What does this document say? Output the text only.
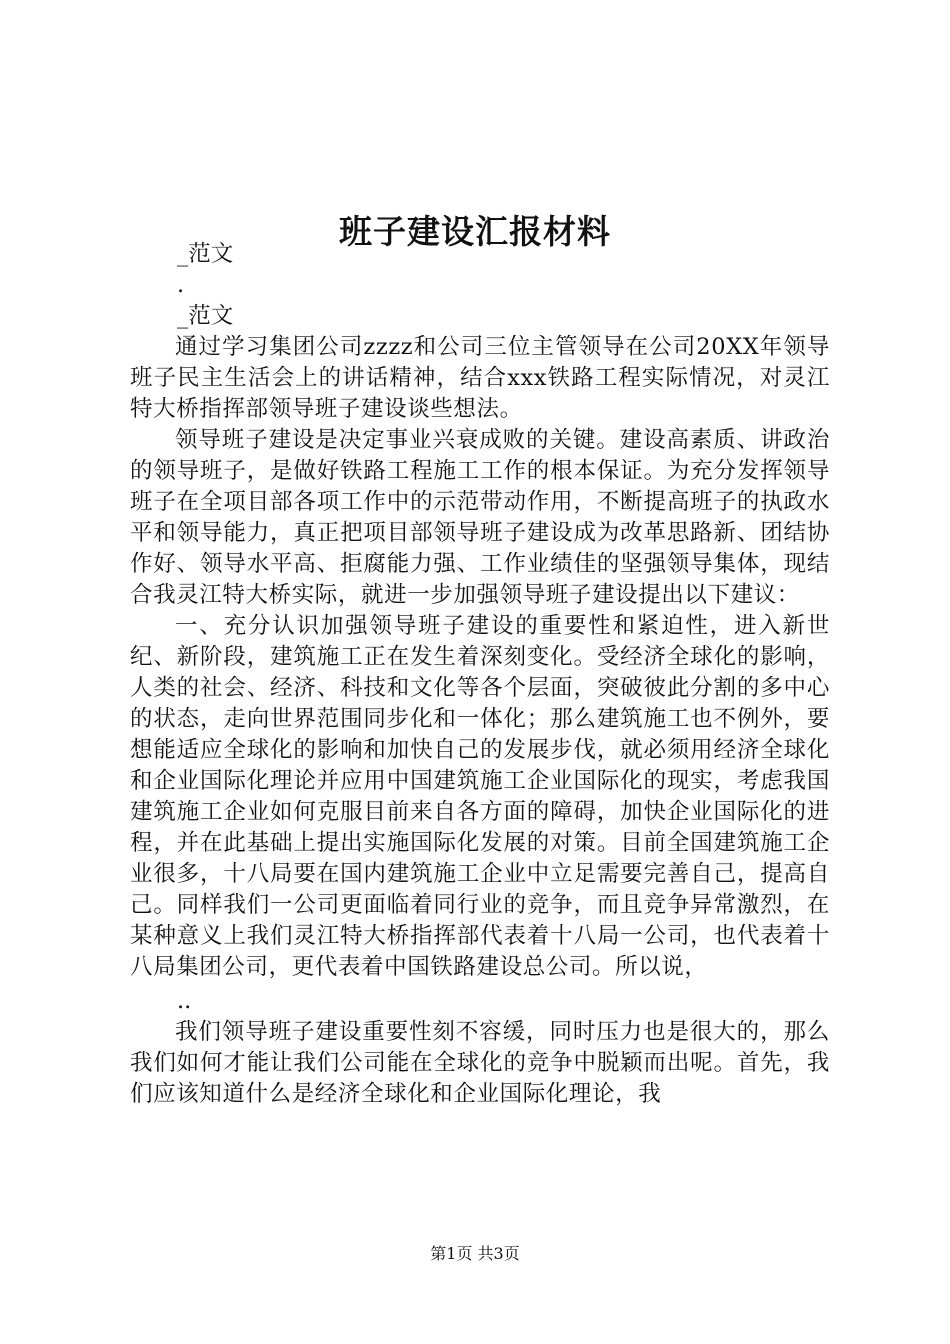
班子建设汇报材料
_范文
.
_范文

通过学习集团公司zzzz和公司三位主管领导在公司20XX年领导班子民主生活会上的讲话精神，结合xxx铁路工程实际情况，对灵江特大桥指挥部领导班子建设谈些想法。

领导班子建设是决定事业兴衰成败的关键。建设高素质、讲政治的领导班子，是做好铁路工程施工工作的根本保证。为充分发挥领导班子在全项目部各项工作中的示范带动作用，不断提高班子的执政水平和领导能力，真正把项目部领导班子建设成为改革思路新、团结协作好、领导水平高、拒腐能力强、工作业绩佳的坚强领导集体，现结合我灵江特大桥实际，就进一步加强领导班子建设提出以下建议：

一、充分认识加强领导班子建设的重要性和紧迫性，进入新世纪、新阶段，建筑施工正在发生着深刻变化。受经济全球化的影响，人类的社会、经济、科技和文化等各个层面，突破彼此分割的多中心的状态，走向世界范围同步化和一体化；那么建筑施工也不例外，要想能适应全球化的影响和加快自己的发展步伐，就必须用经济全球化和企业国际化理论并应用中国建筑施工企业国际化的现实，考虑我国建筑施工企业如何克服目前来自各方面的障碍，加快企业国际化的进程，并在此基础上提出实施国际化发展的对策。目前全国建筑施工企业很多，十八局要在国内建筑施工企业中立足需要完善自己，提高自己。同样我们一公司更面临着同行业的竞争，而且竞争异常激烈，在某种意义上我们灵江特大桥指挥部代表着十八局一公司，也代表着十八局集团公司，更代表着中国铁路建设总公司。所以说，

..

我们领导班子建设重要性刻不容缓，同时压力也是很大的，那么我们如何才能让我们公司能在全球化的竞争中脱颖而出呢。首先，我们应该知道什么是经济全球化和企业国际化理论，我

第1页 共3页
